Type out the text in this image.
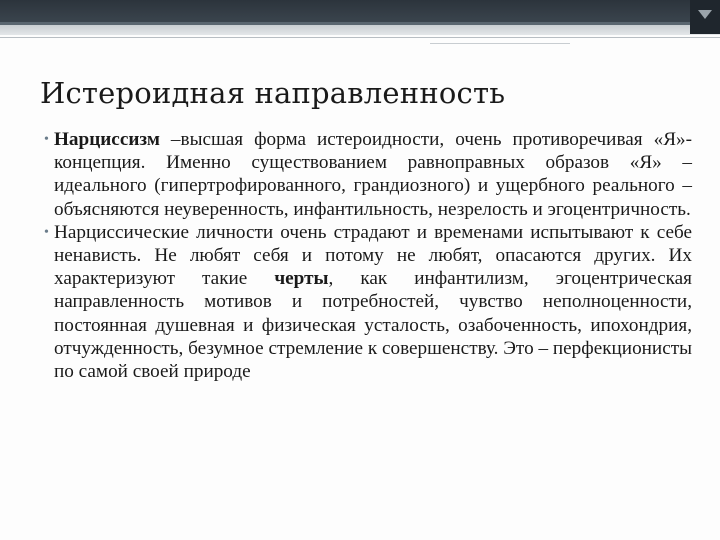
Истероидная направленность

• Нарциссизм –высшая форма истероидности, очень противоречивая «Я»-концепция. Именно существованием равноправных образов «Я» – идеального (гипертрофированного, грандиозного) и ущербного реального – объясняются неуверенность, инфантильность, незрелость и эгоцентричность.

• Нарциссические личности очень страдают и временами испытывают к себе ненависть. Не любят себя и потому не любят, опасаются других. Их характеризуют такие черты, как инфантилизм, эгоцентрическая направленность мотивов и потребностей, чувство неполноценности, постоянная душевная и физическая усталость, озабоченность, ипохондрия, отчужденность, безумное стремление к совершенству. Это – перфекционисты по самой своей природе
